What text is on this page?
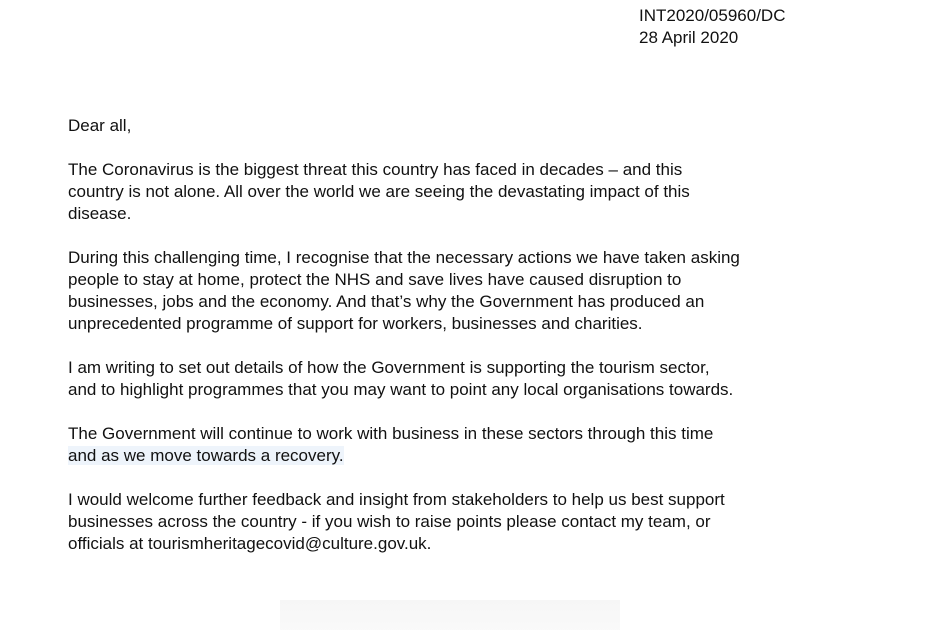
INT2020/05960/DC
28 April 2020

Dear all,

The Coronavirus is the biggest threat this country has faced in decades – and this
country is not alone. All over the world we are seeing the devastating impact of this
disease.

During this challenging time, I recognise that the necessary actions we have taken asking
people to stay at home, protect the NHS and save lives have caused disruption to
businesses, jobs and the economy. And that’s why the Government has produced an
unprecedented programme of support for workers, businesses and charities.

I am writing to set out details of how the Government is supporting the tourism sector,
and to highlight programmes that you may want to point any local organisations towards.

The Government will continue to work with business in these sectors through this time
and as we move towards a recovery.

I would welcome further feedback and insight from stakeholders to help us best support
businesses across the country - if you wish to raise points please contact my team, or
officials at tourismheritagecovid@culture.gov.uk.
